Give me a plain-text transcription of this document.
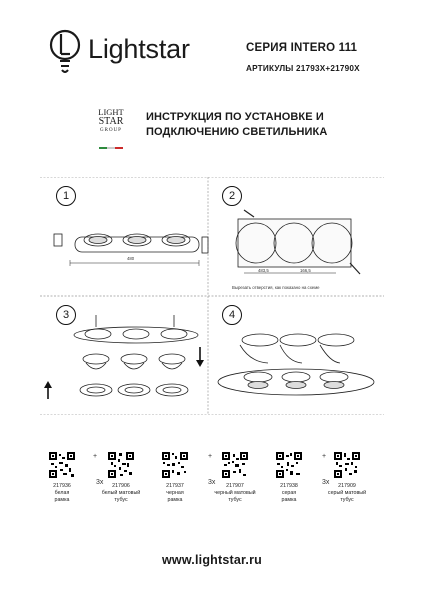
Lightstar	СЕРИЯ INTERO 111
АРТИКУЛЫ 21793X+21790X
LIGHT
STAR
GROUP
ИНСТРУКЦИЯ ПО УСТАНОВКЕ И
ПОДКЛЮЧЕНИЮ СВЕТИЛЬНИКА
1	2
3	4
480
483,5	166,5
Вырезать отверстия, как показано на схеме
217936
белая
рамка
+
3x	217906
белый матовый
тубус
217937
черная
рамка
+
3x	217907
черный матовый
тубус
217938
серая
рамка
+
3x	217909
серый матовый
тубус
www.lightstar.ru
